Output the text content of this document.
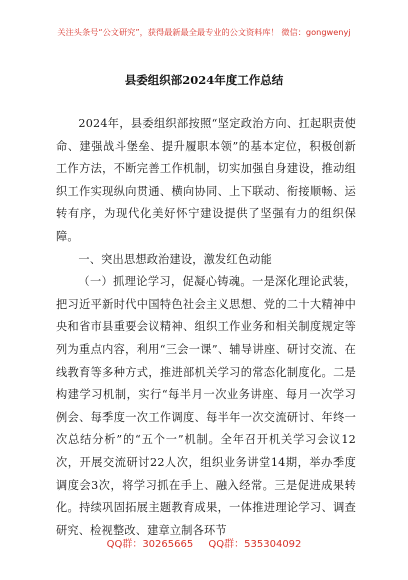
关注头条号“公文研究”，获得最新最全最专业的公文资料库！ 微信：gongwenyj
县委组织部2024年度工作总结

2024年，县委组织部按照“坚定政治方向、扛起职责使命、建强战斗堡垒、提升履职本领”的基本定位，积极创新工作方法，不断完善工作机制，切实加强自身建设，推动组织工作实现纵向贯通、横向协同、上下联动、衔接顺畅、运转有序，为现代化美好怀宁建设提供了坚强有力的组织保障。

一、突出思想政治建设，激发红色动能

（一）抓理论学习，促凝心铸魂。一是深化理论武装，把习近平新时代中国特色社会主义思想、党的二十大精神中央和省市县重要会议精神、组织工作业务和相关制度规定等列为重点内容，利用“三会一课”、辅导讲座、研讨交流、在线教育等多种方式，推进部机关学习的常态化制度化。二是构建学习机制，实行“每半月一次业务讲座、每月一次学习例会、每季度一次工作调度、每半年一次交流研讨、年终一次总结分析”的“五个一”机制。全年召开机关学习会议12次，开展交流研讨22人次，组织业务讲堂14期，举办季度调度会3次，将学习抓在手上、融入经常。三是促进成果转化。持续巩固拓展主题教育成果，一体推进理论学习、调查研究、检视整改、建章立制各环节

QQ群：30265665 QQ群：535304092
